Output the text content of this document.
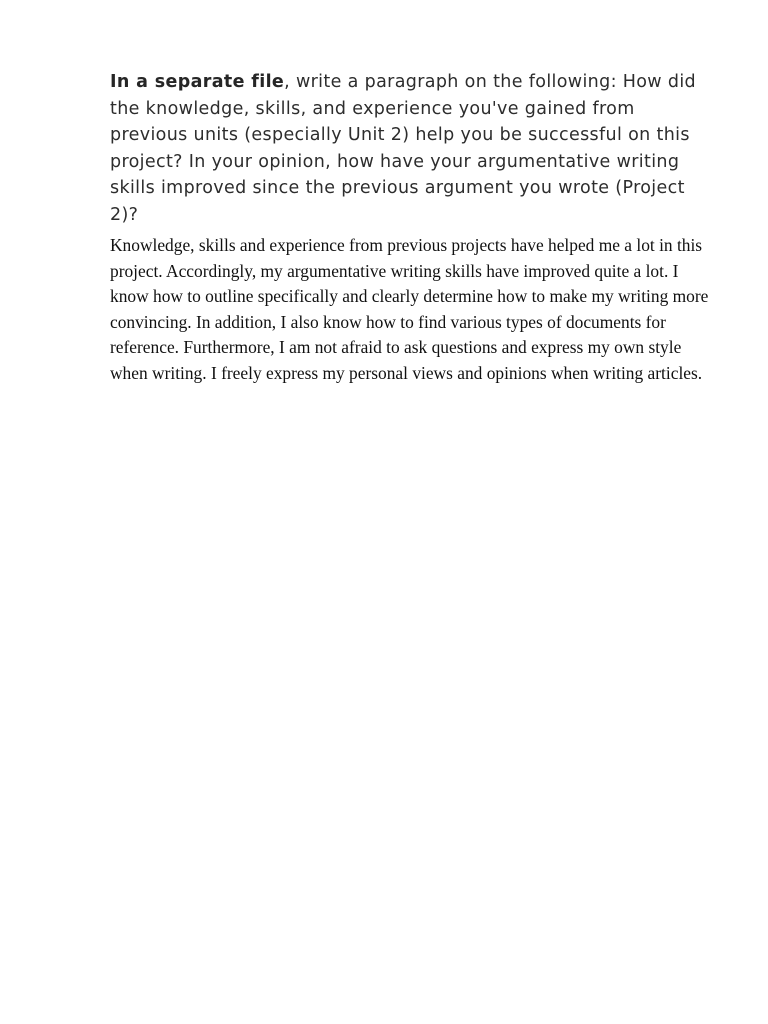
In a separate file, write a paragraph on the following: How did the knowledge, skills, and experience you've gained from previous units (especially Unit 2) help you be successful on this project? In your opinion, how have your argumentative writing skills improved since the previous argument you wrote (Project 2)?

Knowledge, skills and experience from previous projects have helped me a lot in this project. Accordingly, my argumentative writing skills have improved quite a lot. I know how to outline specifically and clearly determine how to make my writing more convincing. In addition, I also know how to find various types of documents for reference. Furthermore, I am not afraid to ask questions and express my own style when writing. I freely express my personal views and opinions when writing articles.
